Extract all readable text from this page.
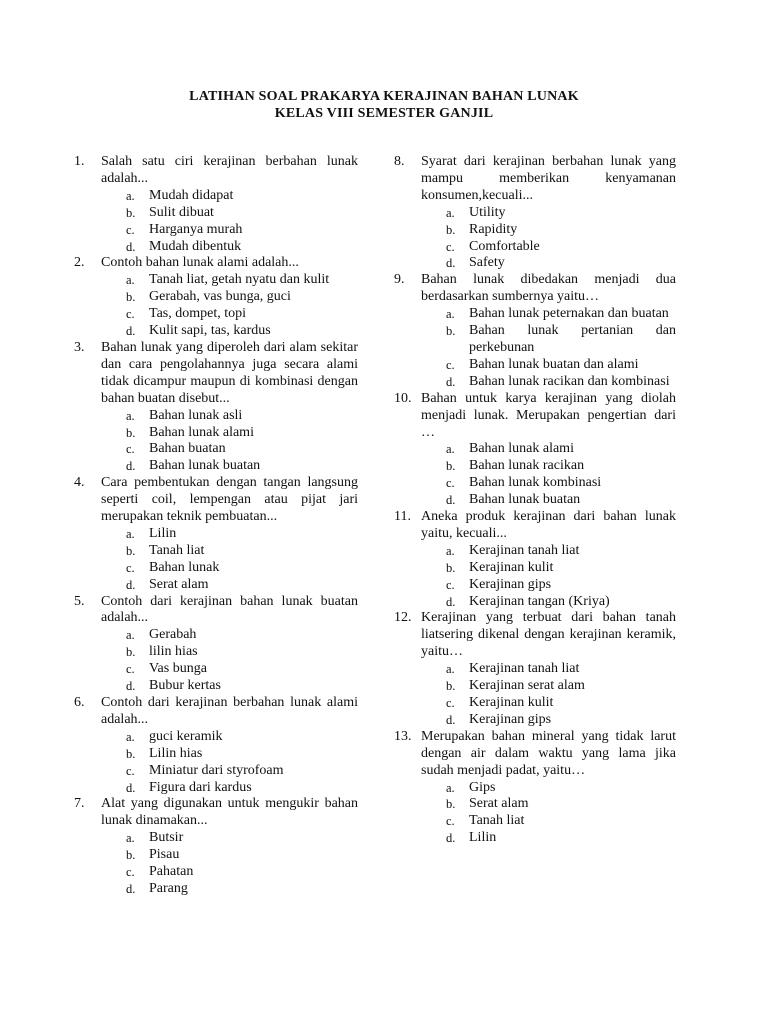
LATIHAN SOAL PRAKARYA KERAJINAN BAHAN LUNAK
KELAS VIII SEMESTER GANJIL
1. Salah satu ciri kerajinan berbahan lunak adalah...
a. Mudah didapat
b. Sulit dibuat
c. Harganya murah
d. Mudah dibentuk
2. Contoh bahan lunak alami adalah...
a. Tanah liat, getah nyatu dan kulit
b. Gerabah, vas bunga, guci
c. Tas, dompet, topi
d. Kulit sapi, tas, kardus
3. Bahan lunak yang diperoleh dari alam sekitar dan cara pengolahannya juga secara alami tidak dicampur maupun di kombinasi dengan bahan buatan disebut...
a. Bahan lunak asli
b. Bahan lunak alami
c. Bahan buatan
d. Bahan lunak buatan
4. Cara pembentukan dengan tangan langsung seperti coil, lempengan atau pijat jari merupakan teknik pembuatan...
a. Lilin
b. Tanah liat
c. Bahan lunak
d. Serat alam
5. Contoh dari kerajinan bahan lunak buatan adalah...
a. Gerabah
b. lilin hias
c. Vas bunga
d. Bubur kertas
6. Contoh dari kerajinan berbahan lunak alami adalah...
a. guci keramik
b. Lilin hias
c. Miniatur dari styrofoam
d. Figura dari kardus
7. Alat yang digunakan untuk mengukir bahan lunak dinamakan...
a. Butsir
b. Pisau
c. Pahatan
d. Parang
8. Syarat dari kerajinan berbahan lunak yang mampu memberikan kenyamanan konsumen,kecuali...
a. Utility
b. Rapidity
c. Comfortable
d. Safety
9. Bahan lunak dibedakan menjadi dua berdasarkan sumbernya yaitu…
a. Bahan lunak peternakan dan buatan
b. Bahan lunak pertanian dan perkebunan
c. Bahan lunak buatan dan alami
d. Bahan lunak racikan dan kombinasi
10. Bahan untuk karya kerajinan yang diolah menjadi lunak. Merupakan pengertian dari …
a. Bahan lunak alami
b. Bahan lunak racikan
c. Bahan lunak kombinasi
d. Bahan lunak buatan
11. Aneka produk kerajinan dari bahan lunak yaitu, kecuali...
a. Kerajinan tanah liat
b. Kerajinan kulit
c. Kerajinan gips
d. Kerajinan tangan (Kriya)
12. Kerajinan yang terbuat dari bahan tanah liatsering dikenal dengan kerajinan keramik, yaitu…
a. Kerajinan tanah liat
b. Kerajinan serat alam
c. Kerajinan kulit
d. Kerajinan gips
13. Merupakan bahan mineral yang tidak larut dengan air dalam waktu yang lama jika sudah menjadi padat, yaitu…
a. Gips
b. Serat alam
c. Tanah liat
d. Lilin
